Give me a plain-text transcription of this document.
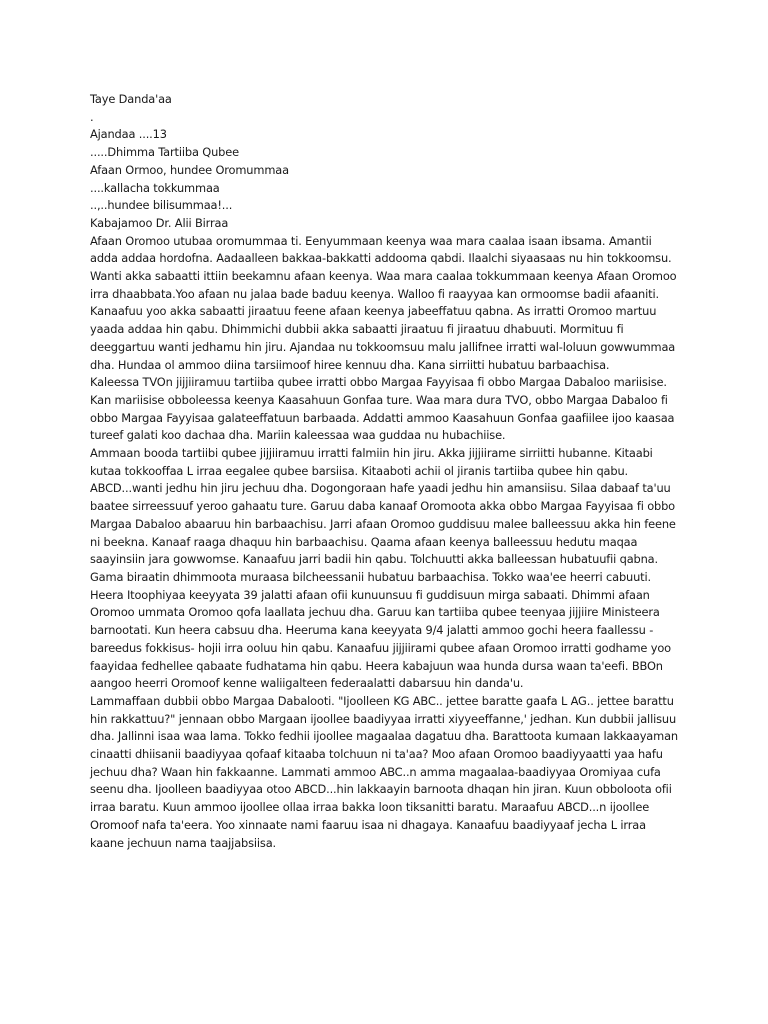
Taye Danda'aa

.

Ajandaa ....13

.....Dhimma Tartiiba Qubee

Afaan Ormoo, hundee Oromummaa

....kallacha tokkummaa

..,..hundee bilisummaa!...

Kabajamoo Dr. Alii Birraa

Afaan Oromoo utubaa oromummaa ti. Eenyummaan keenya waa mara caalaa isaan ibsama. Amantii adda addaa hordofna. Aadaalleen bakkaa-bakkatti addooma qabdi. Ilaalchi siyaasaas nu hin tokkoomsu. Wanti akka sabaatti ittiin beekamnu afaan keenya. Waa mara caalaa tokkummaan keenya Afaan Oromoo irra dhaabbata.Yoo afaan nu jalaa bade baduu keenya. Walloo fi raayyaa kan ormoomse badii afaaniti. Kanaafuu yoo akka sabaatti jiraatuu feene afaan keenya jabeeffatuu qabna. As irratti Oromoo martuu yaada addaa hin qabu. Dhimmichi dubbii akka sabaatti jiraatuu fi jiraatuu dhabuuti. Mormituu fi deeggartuu wanti jedhamu hin jiru. Ajandaa nu tokkoomsuu malu jallifnee irratti wal-loluun gowwummaa dha. Hundaa ol ammoo diina tarsiimoof hiree kennuu dha. Kana sirriitti hubatuu barbaachisa.

Kaleessa TVOn jijjiiramuu tartiiba qubee irratti obbo Margaa Fayyisaa fi obbo Margaa Dabaloo mariisise. Kan mariisise obboleessa keenya Kaasahuun Gonfaa ture. Waa mara dura TVO, obbo Margaa Dabaloo fi obbo Margaa Fayyisaa galateeffatuun barbaada. Addatti ammoo Kaasahuun Gonfaa gaafiilee ijoo kaasaa tureef galati koo dachaa dha. Mariin kaleessaa waa guddaa nu hubachiise.

Ammaan booda tartiibi qubee jijjiiramuu irratti falmiin hin jiru. Akka jijjiirame sirriitti hubanne. Kitaabi kutaa tokkooffaa L irraa eegalee qubee barsiisa. Kitaaboti achii ol jiranis tartiiba qubee hin qabu. ABCD...wanti jedhu hin jiru jechuu dha. Dogongoraan hafe yaadi jedhu hin amansiisu. Silaa dabaaf ta'uu baatee sirreessuuf yeroo gahaatu ture. Garuu daba kanaaf Oromoota akka obbo Margaa Fayyisaa fi obbo Margaa Dabaloo abaaruu hin barbaachisu. Jarri afaan Oromoo guddisuu malee balleessuu akka hin feene ni beekna. Kanaaf raaga dhaquu hin barbaachisu. Qaama afaan keenya balleessuu hedutu maqaa saayinsiin jara gowwomse. Kanaafuu jarri badii hin qabu. Tolchuutti akka balleessan hubatuufii qabna. Gama biraatin dhimmoota muraasa bilcheessanii hubatuu barbaachisa. Tokko waa'ee heerri cabuuti. Heera Itoophiyaa keeyyata 39 jalatti afaan ofii kunuunsuu fi guddisuun mirga sabaati. Dhimmi afaan Oromoo ummata Oromoo qofa laallata jechuu dha. Garuu kan tartiiba qubee teenyaa jijjiire Ministeera barnootati. Kun heera cabsuu dha. Heeruma kana keeyyata 9/4 jalatti ammoo gochi heera faallessu - bareedus fokkisus- hojii irra ooluu hin qabu. Kanaafuu jijjiirami qubee afaan Oromoo irratti godhame yoo faayidaa fedhellee qabaate fudhatama hin qabu. Heera kabajuun waa hunda dursa waan ta'eefi. BBOn aangoo heerri Oromoof kenne waliigalteen federaalatti dabarsuu hin danda'u.

Lammaffaan dubbii obbo Margaa Dabalooti. "Ijoolleen KG ABC.. jettee baratte gaafa L AG.. jettee barattu hin rakkattuu?" jennaan obbo Margaan ijoollee baadiyyaa irratti xiyyeeffanne,' jedhan. Kun dubbii jallisuu dha. Jallinni isaa waa lama. Tokko fedhii ijoollee magaalaa dagatuu dha. Barattoota kumaan lakkaayaman cinaatti dhiisanii baadiyyaa qofaaf kitaaba tolchuun ni ta'aa? Moo afaan Oromoo baadiyyaatti yaa hafu jechuu dha? Waan hin fakkaanne. Lammati ammoo ABC..n amma magaalaa-baadiyyaa Oromiyaa cufa seenu dha. Ijoolleen baadiyyaa otoo ABCD...hin lakkaayin barnoota dhaqan hin jiran. Kuun obboloota ofii irraa baratu. Kuun ammoo ijoollee ollaa irraa bakka loon tiksanitti baratu. Maraafuu ABCD...n ijoollee Oromoof nafa ta'eera. Yoo xinnaate nami faaruu isaa ni dhagaya. Kanaafuu baadiyyaaf jecha L irraa kaane jechuun nama taajjabsiisa.
